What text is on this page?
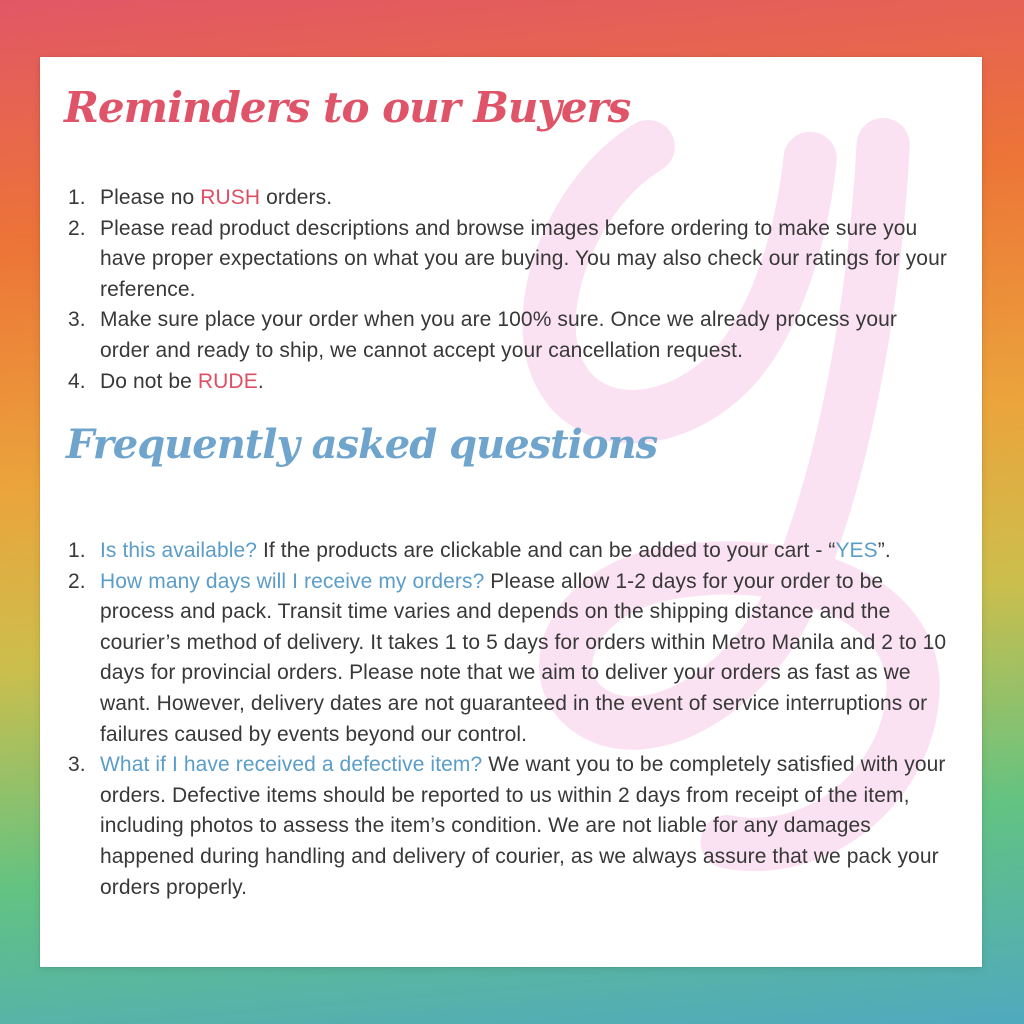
Reminders to our Buyers
1. Please no RUSH orders.
2. Please read product descriptions and browse images before ordering to make sure you have proper expectations on what you are buying. You may also check our ratings for your reference.
3. Make sure place your order when you are 100% sure. Once we already process your order and ready to ship, we cannot accept your cancellation request.
4. Do not be RUDE.
Frequently asked questions
1. Is this available? If the products are clickable and can be added to your cart - “YES”.
2. How many days will I receive my orders? Please allow 1-2 days for your order to be process and pack. Transit time varies and depends on the shipping distance and the courier’s method of delivery. It takes 1 to 5 days for orders within Metro Manila and 2 to 10 days for provincial orders. Please note that we aim to deliver your orders as fast as we want. However, delivery dates are not guaranteed in the event of service interruptions or failures caused by events beyond our control.
3. What if I have received a defective item? We want you to be completely satisfied with your orders. Defective items should be reported to us within 2 days from receipt of the item, including photos to assess the item’s condition. We are not liable for any damages happened during handling and delivery of courier, as we always assure that we pack your orders properly.
